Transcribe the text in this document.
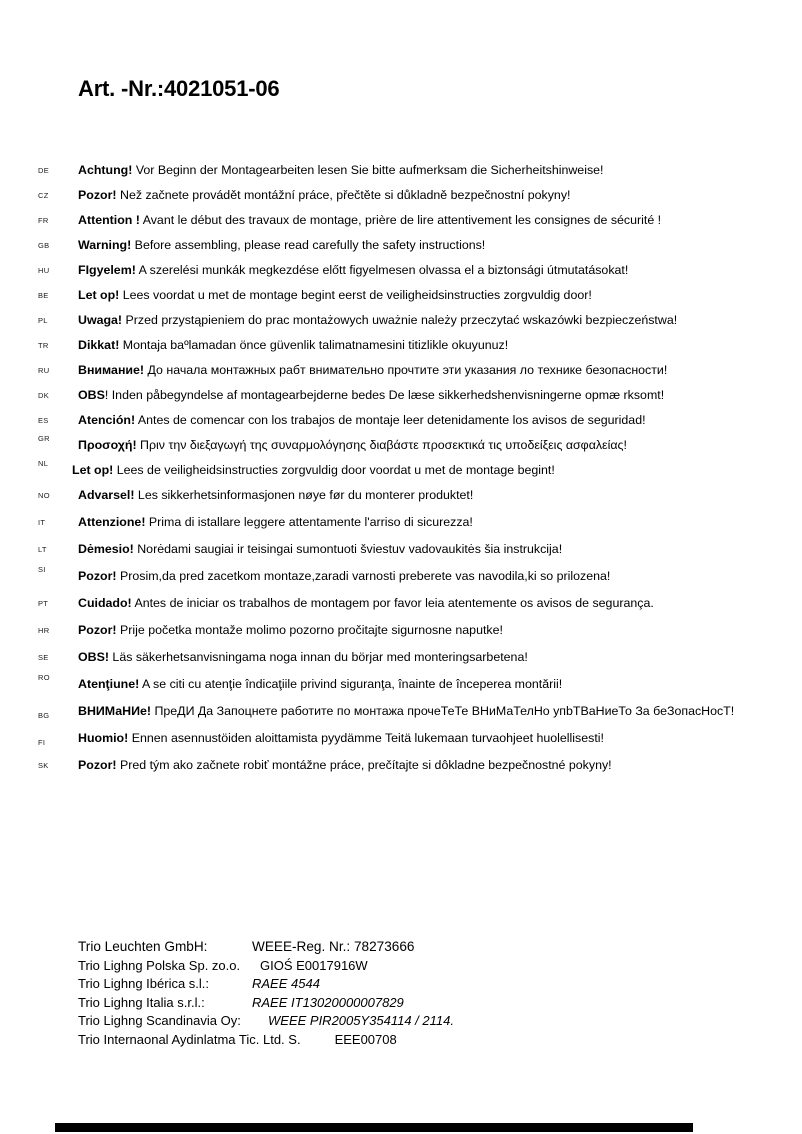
Art. -Nr.:4021051-06
DE Achtung! Vor Beginn der Montagearbeiten lesen Sie bitte aufmerksam die Sicherheitshinweise!
CZ Pozor! Než začnete provádět montážní práce, přečtěte si důkladně bezpečnostní pokyny!
FR Attention ! Avant le début des travaux de montage, prière de lire attentivement les consignes de sécurité !
GB Warning! Before assembling, please read carefully the safety instructions!
HU FIgyelem! A szerelési munkák megkezdése előtt figyelmesen olvassa el a biztonsági útmutatásokat!
BE Let op! Lees voordat u met de montage begint eerst de veiligheidsinstructies zorgvuldig door!
PL Uwaga! Przed przystąpieniem do prac montażowych uważnie należy przeczytać wskazówki bezpieczeństwa!
TR Dikkat! Montaja baºlamadan önce güvenlik talimatnamesini titizlikle okuyunuz!
RU Внимание! До начала монтажных рабт внимательно прочтите эти указания ло технике безопасности!
DK OBS! Inden påbegyndelse af montagearbejderne bedes De læse sikkerhedshenvisningerne opmæ rksomt!
ES Atención! Antes de comencar con los trabajos de montaje leer detenidamente los avisos de seguridad!
GR Προσοχή! Πριν την διεξαγωγή της συναρμολόγησης διαβάστε προσεκτικά τις υποδείξεις ασφαλείας!
NL Let op! Lees de veiligheidsinstructies zorgvuldig door voordat u met de montage begint!
NO Advarsel! Les sikkerhetsinformasjonen nøye før du monterer produktet!
IT	Attenzione! Prima di istallare leggere attentamente l'arriso di sicurezza!
LT	Dėmesio! Norėdami saugiai ir teisingai sumontuoti šviestuv vadovaukitės šia instrukcija!
SI	Pozor! Prosim,da pred zacetkom montaze,zaradi varnosti preberete vas navodila,ki so prilozena!
PT Cuidado! Antes de iniciar os trabalhos de montagem por favor leia atentemente os avisos de segurança.
HR Pozor! Prije početka montaže molimo pozorno pročitajte sigurnosne naputke!
SE OBS! Läs säkerhetsanvisningama noga innan du börjar med monteringsarbetena!
RO Atenţiune! A se citi cu atenţie îndicaţiile privind siguranţa, înainte de începerea montării!
BG ВНИМаНИе! ПреДИ Да Запоцнете работите по монтажа прочеТеТе ВНиМаТелНо упbТВаНиеТо За беЗопасНосТ!
FI	Huomio! Ennen asennustöiden aloittamista pyydämme Teitä lukemaan turvaohjeet huolellisesti!
SK Pozor! Pred tým ako začnete robiť montážne práce, prečítajte si dôkladne bezpečnostné pokyny!
Trio Leuchten GmbH:	WEEE-Reg. Nr.: 78273666
Trio Lighng Polska Sp. zo.o. GIOŚ E0017916W
Trio Lighng Ibérica s.l.:	RAEE 4544
Trio Lighng Italia s.r.l.:	RAEE IT13020000007829
Trio Lighng Scandinavia Oy: WEEE PIR2005Y354114 / 2114.
Trio Internaonal Aydinlatma Tic. Ltd. S.	EEE00708
